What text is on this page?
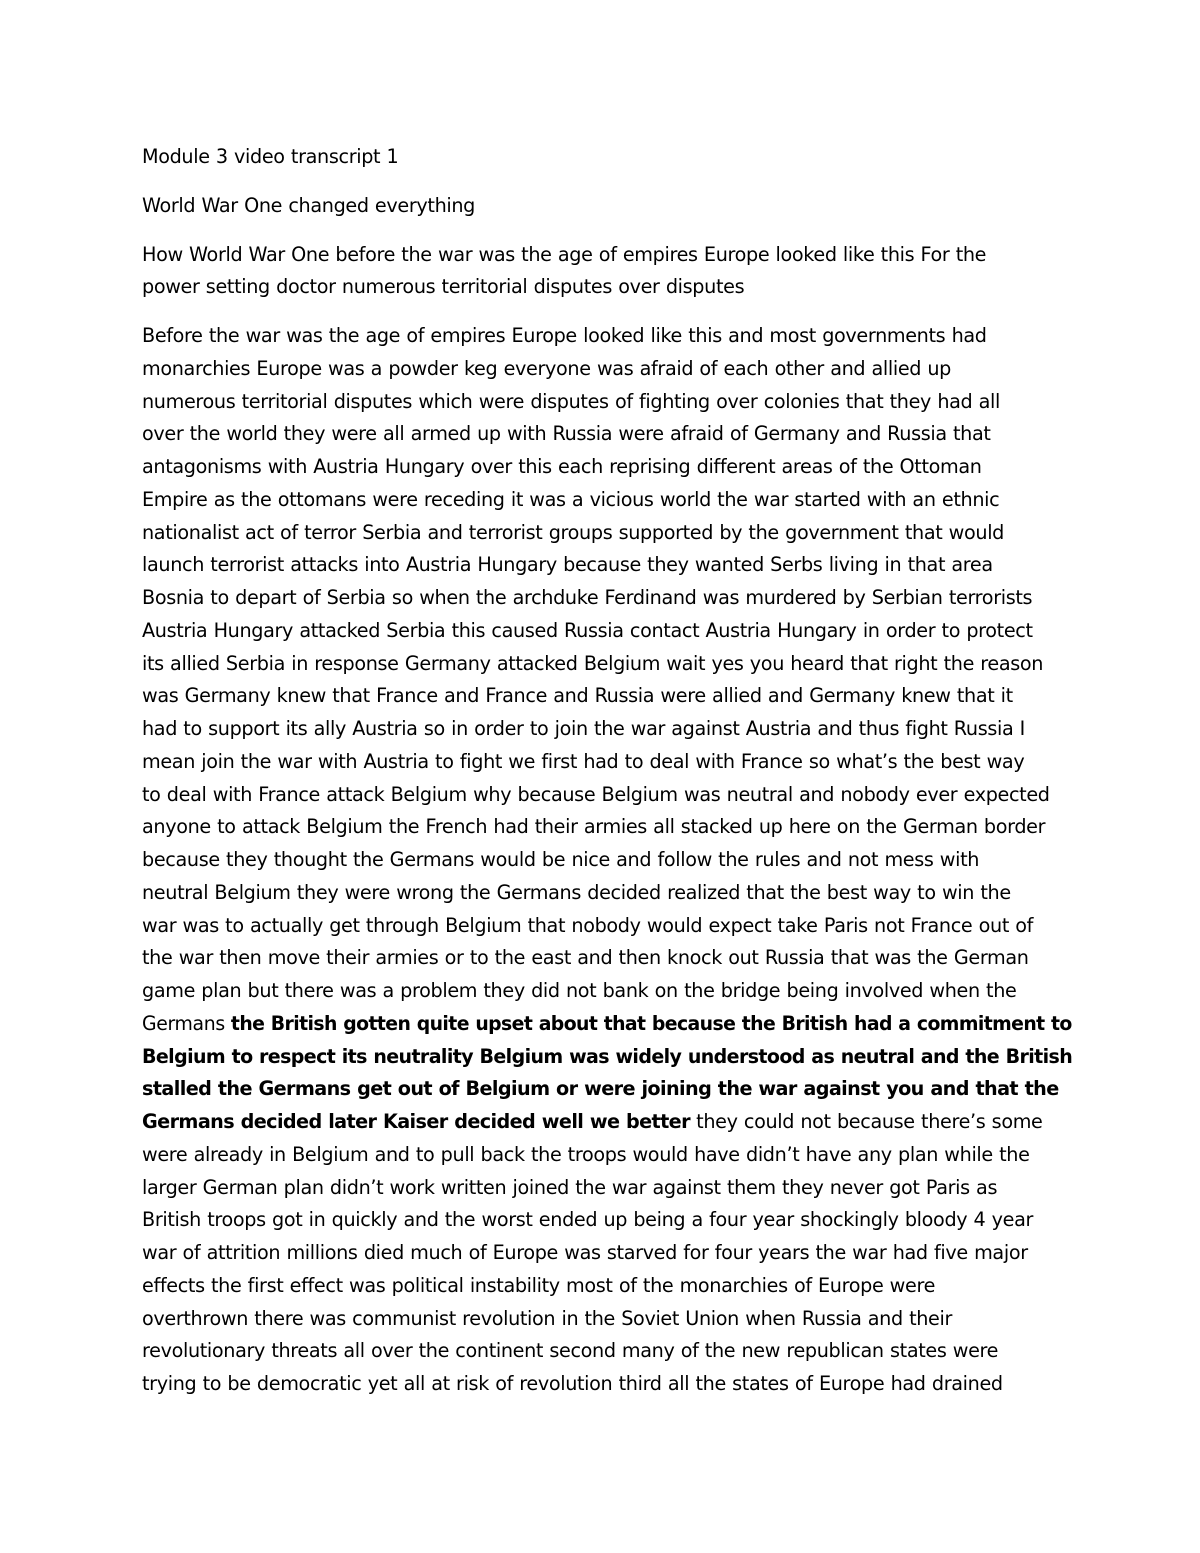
Module 3 video transcript 1

World War One changed everything

How World War One before the war was the age of empires Europe looked like this For the
power setting doctor numerous territorial disputes over disputes

Before the war was the age of empires Europe looked like this and most governments had
monarchies Europe was a powder keg everyone was afraid of each other and allied up
numerous territorial disputes which were disputes of fighting over colonies that they had all
over the world they were all armed up with Russia were afraid of Germany and Russia that
antagonisms with Austria Hungary over this each reprising different areas of the Ottoman
Empire as the ottomans were receding it was a vicious world the war started with an ethnic
nationalist act of terror Serbia and terrorist groups supported by the government that would
launch terrorist attacks into Austria Hungary because they wanted Serbs living in that area
Bosnia to depart of Serbia so when the archduke Ferdinand was murdered by Serbian terrorists
Austria Hungary attacked Serbia this caused Russia contact Austria Hungary in order to protect
its allied Serbia in response Germany attacked Belgium wait yes you heard that right the reason
was Germany knew that France and France and Russia were allied and Germany knew that it
had to support its ally Austria so in order to join the war against Austria and thus fight Russia I
mean join the war with Austria to fight we first had to deal with France so what’s the best way
to deal with France attack Belgium why because Belgium was neutral and nobody ever expected
anyone to attack Belgium the French had their armies all stacked up here on the German border
because they thought the Germans would be nice and follow the rules and not mess with
neutral Belgium they were wrong the Germans decided realized that the best way to win the
war was to actually get through Belgium that nobody would expect take Paris not France out of
the war then move their armies or to the east and then knock out Russia that was the German
game plan but there was a problem they did not bank on the bridge being involved when the
Germans the British gotten quite upset about that because the British had a commitment to
Belgium to respect its neutrality Belgium was widely understood as neutral and the British
stalled the Germans get out of Belgium or were joining the war against you and that the
Germans decided later Kaiser decided well we better they could not because there’s some
were already in Belgium and to pull back the troops would have didn’t have any plan while the
larger German plan didn’t work written joined the war against them they never got Paris as
British troops got in quickly and the worst ended up being a four year shockingly bloody 4 year
war of attrition millions died much of Europe was starved for four years the war had five major
effects the first effect was political instability most of the monarchies of Europe were
overthrown there was communist revolution in the Soviet Union when Russia and their
revolutionary threats all over the continent second many of the new republican states were
trying to be democratic yet all at risk of revolution third all the states of Europe had drained
